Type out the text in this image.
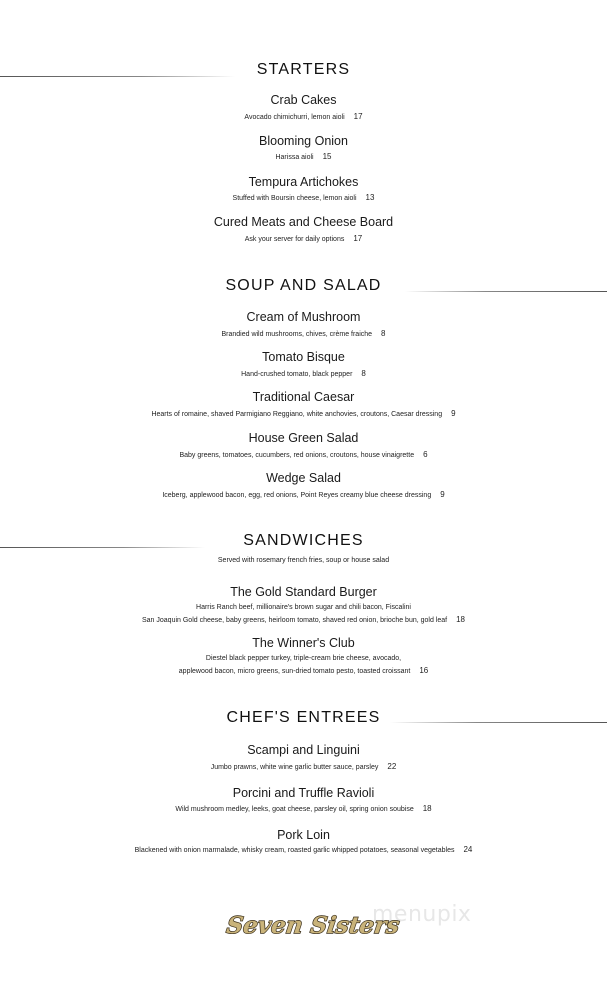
STARTERS
Crab Cakes
Avocado chimichurri, lemon aioli 17
Blooming Onion
Harissa aioli 15
Tempura Artichokes
Stuffed with Boursin cheese, lemon aioli 13
Cured Meats and Cheese Board
Ask your server for daily options 17
SOUP AND SALAD
Cream of Mushroom
Brandied wild mushrooms, chives, crème fraiche 8
Tomato Bisque
Hand-crushed tomato, black pepper 8
Traditional Caesar
Hearts of romaine, shaved Parmigiano Reggiano, white anchovies, croutons, Caesar dressing 9
House Green Salad
Baby greens, tomatoes, cucumbers, red onions, croutons, house vinaigrette 6
Wedge Salad
Iceberg, applewood bacon, egg, red onions, Point Reyes creamy blue cheese dressing 9
SANDWICHES
Served with rosemary french fries, soup or house salad
The Gold Standard Burger
Harris Ranch beef, millionaire's brown sugar and chili bacon, Fiscalini
San Joaquin Gold cheese, baby greens, heirloom tomato, shaved red onion, brioche bun, gold leaf 18
The Winner's Club
Diestel black pepper turkey, triple-cream brie cheese, avocado,
applewood bacon, micro greens, sun-dried tomato pesto, toasted croissant 16
CHEF'S ENTREES
Scampi and Linguini
Jumbo prawns, white wine garlic butter sauce, parsley 22
Porcini and Truffle Ravioli
Wild mushroom medley, leeks, goat cheese, parsley oil, spring onion soubise 18
Pork Loin
Blackened with onion marmalade, whisky cream, roasted garlic whipped potatoes, seasonal vegetables 24
Seven Sisters
menupix
